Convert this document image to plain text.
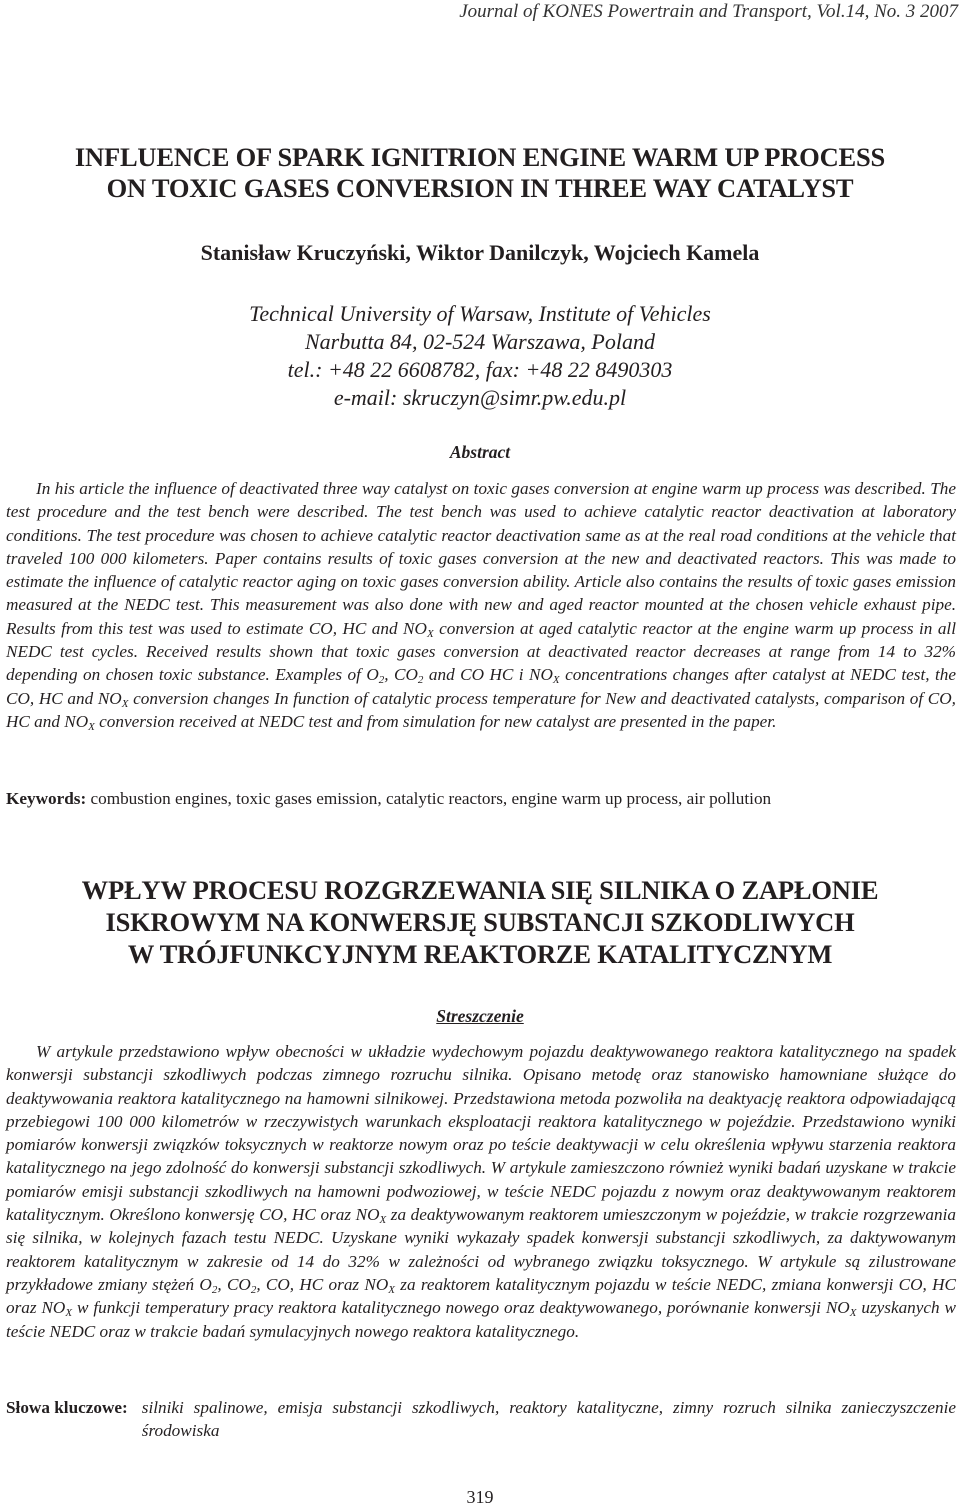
Journal of KONES Powertrain and Transport, Vol.14, No. 3 2007
INFLUENCE OF SPARK IGNITRION ENGINE WARM UP PROCESS
ON TOXIC GASES CONVERSION IN THREE WAY CATALYST
Stanisław Kruczyński, Wiktor Danilczyk, Wojciech Kamela
Technical University of Warsaw, Institute of Vehicles
Narbutta 84, 02-524 Warszawa, Poland
tel.: +48 22 6608782, fax: +48 22 8490303
e-mail: skruczyn@simr.pw.edu.pl
Abstract

In his article the influence of deactivated three way catalyst on toxic gases conversion at engine warm up process was described. The test procedure and the test bench were described. The test bench was used to achieve catalytic reactor deactivation at laboratory conditions. The test procedure was chosen to achieve catalytic reactor deactivation same as at the real road conditions at the vehicle that traveled 100 000 kilometers. Paper contains results of toxic gases conversion at the new and deactivated reactors. This was made to estimate the influence of catalytic reactor aging on toxic gases conversion ability. Article also contains the results of toxic gases emission measured at the NEDC test. This measurement was also done with new and aged reactor mounted at the chosen vehicle exhaust pipe. Results from this test was used to estimate CO, HC and $NO_X$ conversion at aged catalytic reactor at the engine warm up process in all NEDC test cycles. Received results shown that toxic gases conversion at deactivated reactor decreases at range from 14 to 32% depending on chosen toxic substance. Examples of $O_2$, $CO_2$ and CO HC i $NO_X$ concentrations changes after catalyst at NEDC test, the CO, HC and $NO_X$ conversion changes In function of catalytic process temperature for New and deactivated catalysts, comparison of CO, HC and $NO_X$ conversion received at NEDC test and from simulation for new catalyst are presented in the paper.

Keywords: combustion engines, toxic gases emission, catalytic reactors, engine warm up process, air pollution

WPŁYW PROCESU ROZGRZEWANIA SIĘ SILNIKA O ZAPŁONIE
ISKROWYM NA KONWERSJĘ SUBSTANCJI SZKODLIWYCH
W TRÓJFUNKCYJNYM REAKTORZE KATALITYCZNYM
Streszczenie

W artykule przedstawiono wpływ obecności w układzie wydechowym pojazdu deaktywowanego reaktora katalitycznego na spadek konwersji substancji szkodliwych podczas zimnego rozruchu silnika. Opisano metodę oraz stanowisko hamowniane służące do deaktywowania reaktora katalitycznego na hamowni silnikowej. Przedstawiona metoda pozwoliła na deaktyację reaktora odpowiadającą przebiegowi 100 000 kilometrów w rzeczywistych warunkach eksploatacji reaktora katalitycznego w pojeździe. Przedstawiono wyniki pomiarów konwersji związków toksycznych w reaktorze nowym oraz po teście deaktywacji w celu określenia wpływu starzenia reaktora katalitycznego na jego zdolność do konwersji substancji szkodliwych. W artykule zamieszczono również wyniki badań uzyskane w trakcie pomiarów emisji substancji szkodliwych na hamowni podwoziowej, w teście NEDC pojazdu z nowym oraz deaktywowanym reaktorem katalitycznym. Określono konwersję CO, HC oraz $NO_X$ za deaktywowanym reaktorem umieszczonym w pojeździe, w trakcie rozgrzewania się silnika, w kolejnych fazach testu NEDC. Uzyskane wyniki wykazały spadek konwersji substancji szkodliwych, za daktywowanym reaktorem katalitycznym w zakresie od 14 do 32% w zależności od wybranego związku toksycznego. W artykule są zilustrowane przykładowe zmiany stężeń $O_2$, $CO_2$, CO, HC oraz $NO_X$ za reaktorem katalitycznym pojazdu w teście NEDC, zmiana konwersji CO, HC oraz $NO_X$ w funkcji temperatury pracy reaktora katalitycznego nowego oraz deaktywowanego, porównanie konwersji $NO_X$ uzyskanych w teście NEDC oraz w trakcie badań symulacyjnych nowego reaktora katalitycznego.

Słowa kluczowe: silniki spalinowe, emisja substancji szkodliwych, reaktory katalityczne, zimny rozruch silnika zanieczyszczenie środowiska
319
